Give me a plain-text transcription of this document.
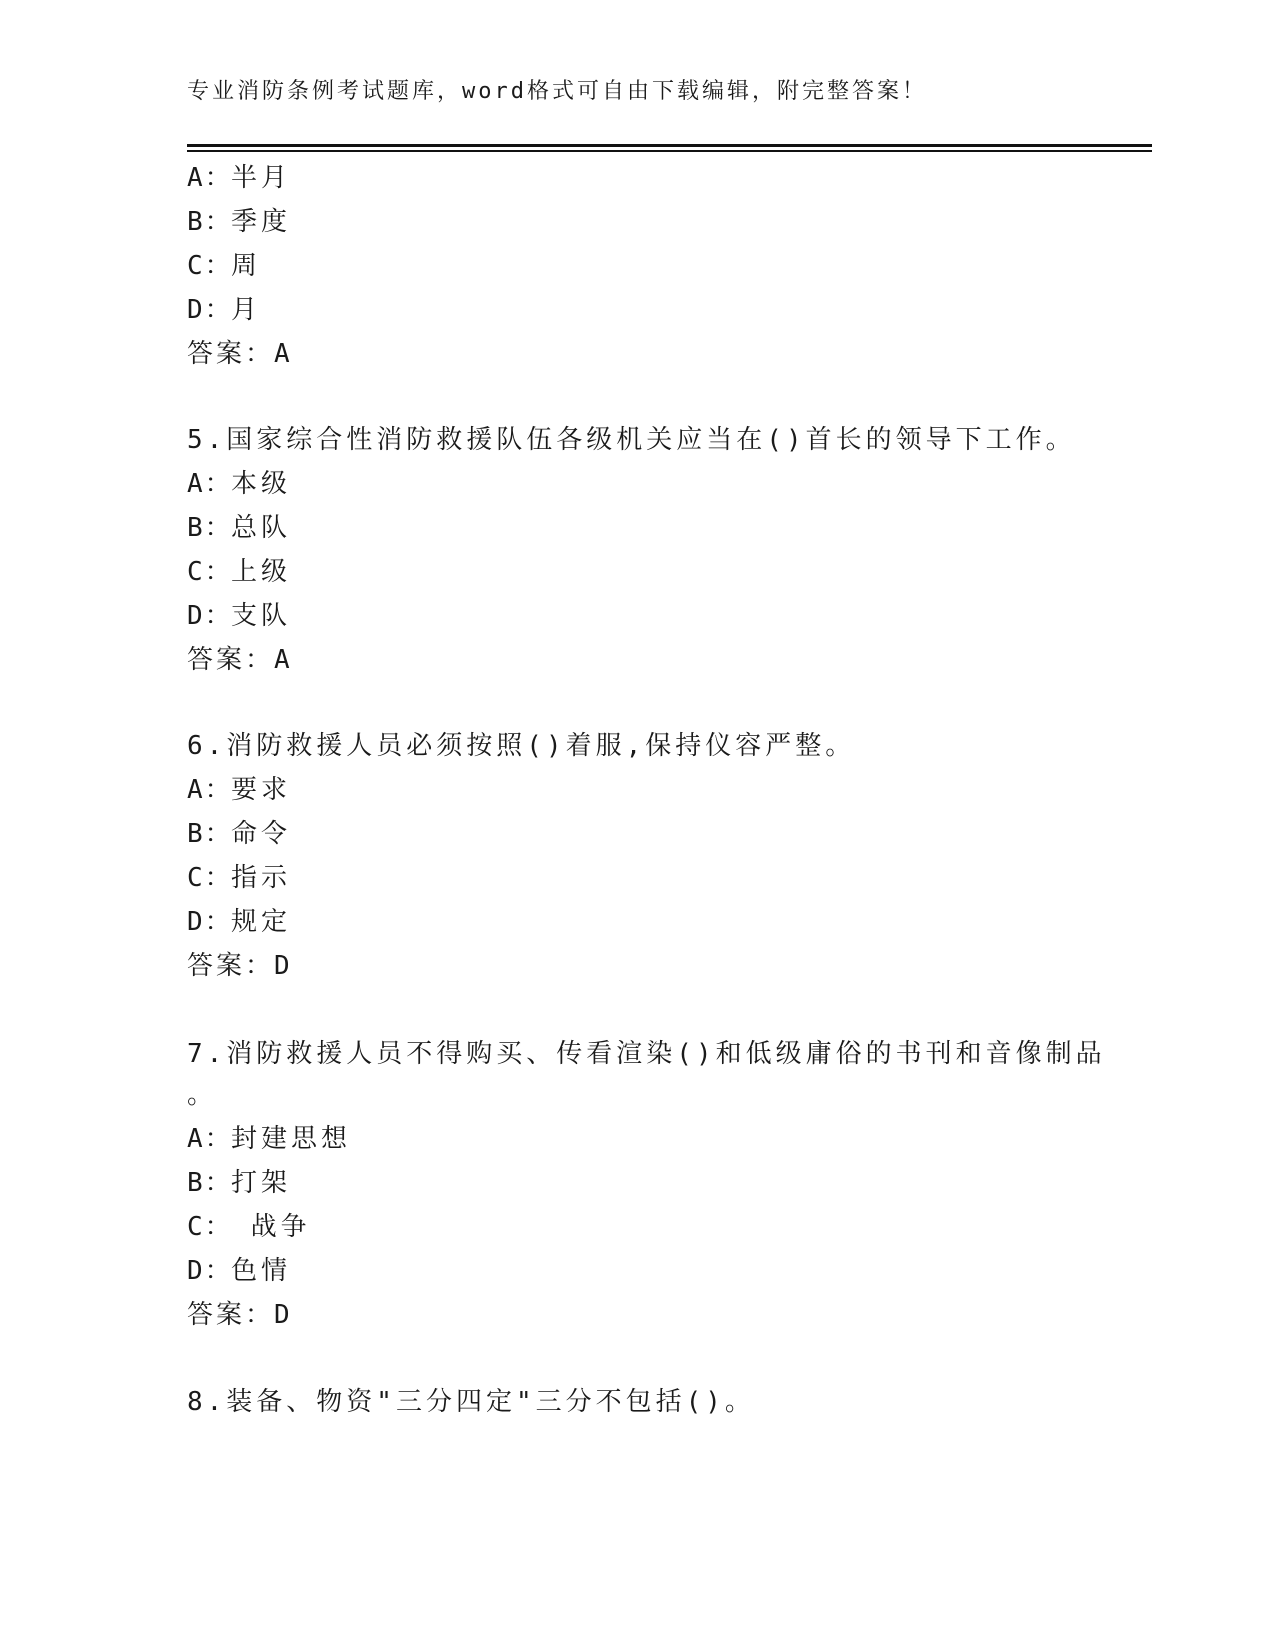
专业消防条例考试题库，word格式可自由下载编辑，附完整答案！
A：半月
B：季度
C：周
D：月
答案：A
5.国家综合性消防救援队伍各级机关应当在()首长的领导下工作。
A：本级
B：总队
C：上级
D：支队
答案：A
6.消防救援人员必须按照()着服,保持仪容严整。
A：要求
B：命令
C：指示
D：规定
答案：D
7.消防救援人员不得购买、传看渲染()和低级庸俗的书刊和音像制品
。
A：封建思想
B：打架
C： 战争
D：色情
答案：D
8.装备、物资"三分四定"三分不包括()。
